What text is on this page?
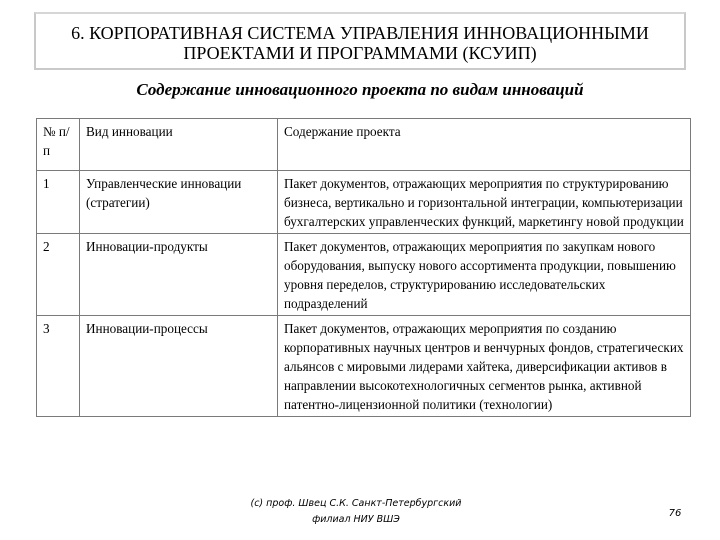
6. КОРПОРАТИВНАЯ СИСТЕМА УПРАВЛЕНИЯ ИННОВАЦИОННЫМИ
ПРОЕКТАМИ И ПРОГРАММАМИ (КСУИП)
Содержание инновационного проекта по видам инноваций
№ п/п	Вид инновации	Содержание проекта
1	Управленческие инновации (стратегии)	Пакет документов, отражающих мероприятия по структурированию бизнеса, вертикально и горизонтальной интеграции, компьютеризации бухгалтерских управленческих функций, маркетингу новой продукции
2	Инновации-продукты	Пакет документов, отражающих мероприятия по закупкам нового оборудования, выпуску нового ассортимента продукции, повышению уровня переделов, структурированию исследовательских подразделений
3	Инновации-процессы	Пакет документов, отражающих мероприятия по созданию корпоративных научных центров и венчурных фондов, стратегических альянсов с мировыми лидерами хайтека, диверсификации активов в направлении высокотехнологичных сегментов рынка, активной патентно-лицензионной политики (технологии)
(c) проф. Швец С.К. Санкт-Петербургский
филиал НИУ ВШЭ
76
